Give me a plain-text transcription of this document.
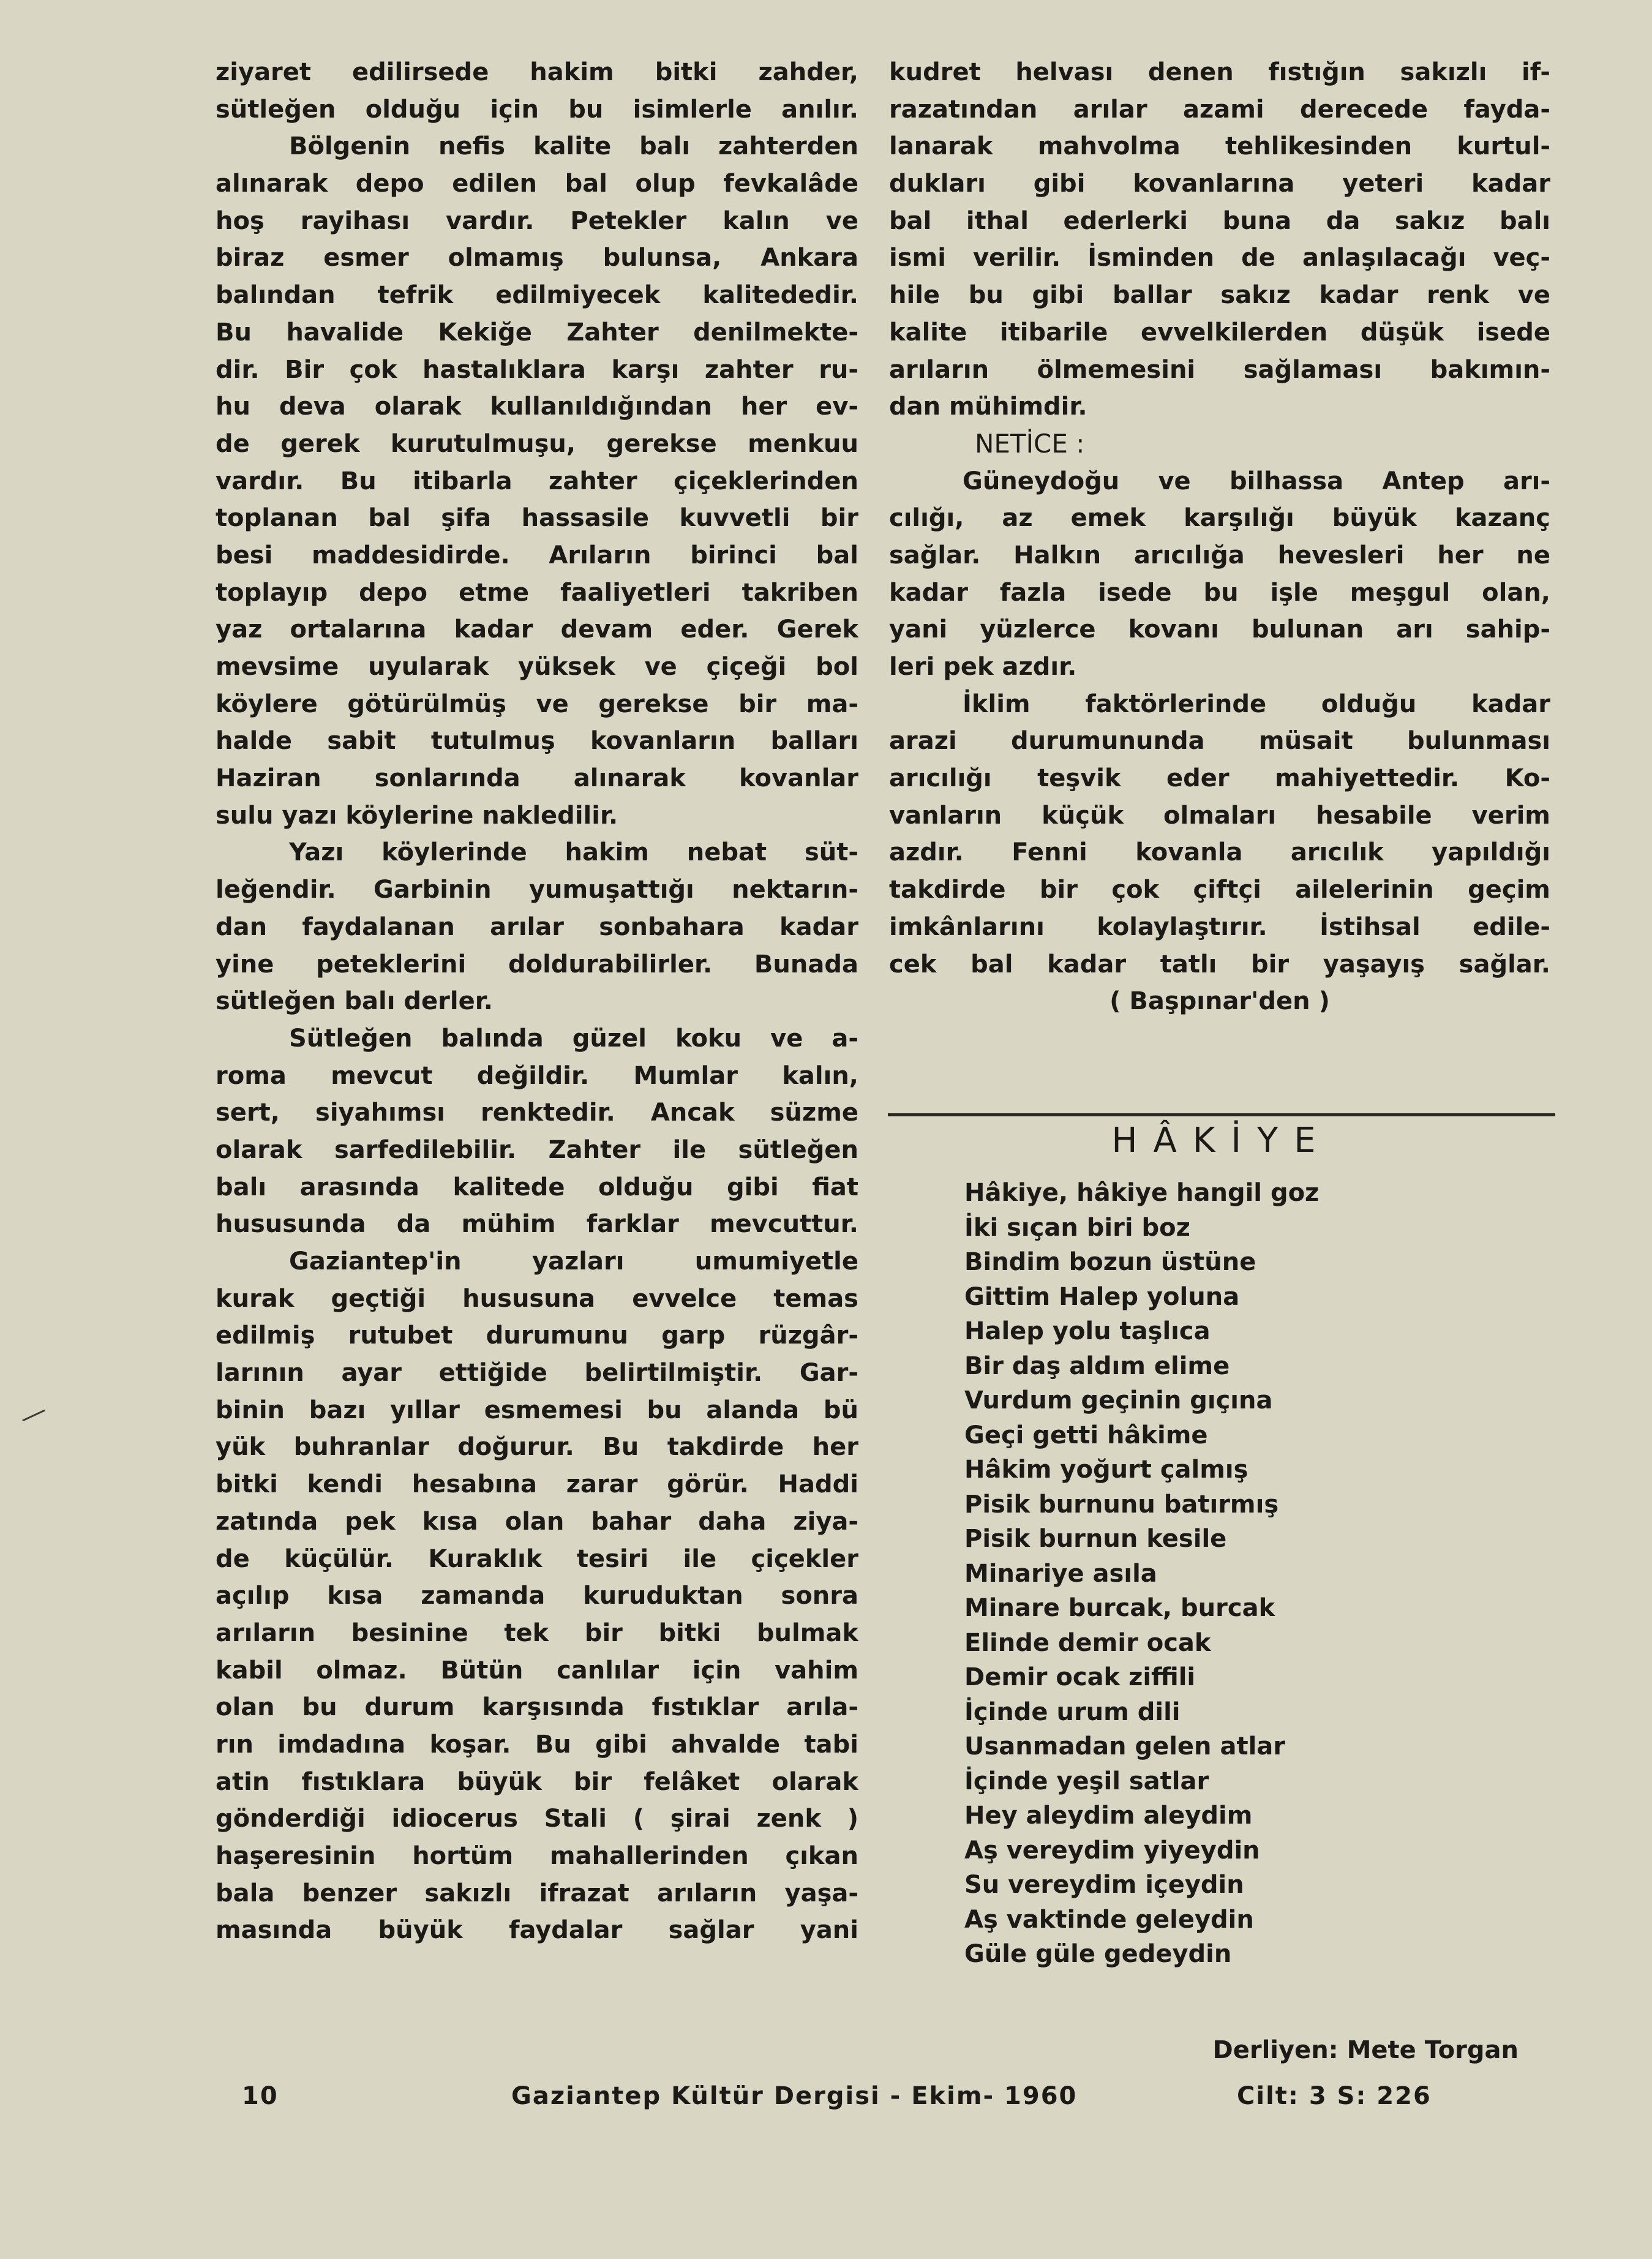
ziyaret edilirsede hakim bitki zahder,
sütleğen olduğu için bu isimlerle anılır.
Bölgenin nefis kalite balı zahterden
alınarak depo edilen bal olup fevkalâde
hoş rayihası vardır. Petekler kalın ve
biraz esmer olmamış bulunsa, Ankara
balından tefrik edilmiyecek kalitededir.
Bu havalide Kekiğe Zahter denilmekte-
dir. Bir çok hastalıklara karşı zahter ru-
hu deva olarak kullanıldığından her ev-
de gerek kurutulmuşu, gerekse menkuu
vardır. Bu itibarla zahter çiçeklerinden
toplanan bal şifa hassasile kuvvetli bir
besi maddesidirde. Arıların birinci bal
toplayıp depo etme faaliyetleri takriben
yaz ortalarına kadar devam eder. Gerek
mevsime uyularak yüksek ve çiçeği bol
köylere götürülmüş ve gerekse bir ma-
halde sabit tutulmuş kovanların balları
Haziran sonlarında alınarak kovanlar
sulu yazı köylerine nakledilir.
Yazı köylerinde hakim nebat süt-
leğendir. Garbinin yumuşattığı nektarın-
dan faydalanan arılar sonbahara kadar
yine peteklerini doldurabilirler. Bunada
sütleğen balı derler.
Sütleğen balında güzel koku ve a-
roma mevcut değildir. Mumlar kalın,
sert, siyahımsı renktedir. Ancak süzme
olarak sarfedilebilir. Zahter ile sütleğen
balı arasında kalitede olduğu gibi fiat
hususunda da mühim farklar mevcuttur.
Gaziantep'in yazları umumiyetle
kurak geçtiği hususuna evvelce temas
edilmiş rutubet durumunu garp rüzgâr-
larının ayar ettiğide belirtilmiştir. Gar-
binin bazı yıllar esmemesi bu alanda bü
yük buhranlar doğurur. Bu takdirde her
bitki kendi hesabına zarar görür. Haddi
zatında pek kısa olan bahar daha ziya-
de küçülür. Kuraklık tesiri ile çiçekler
açılıp kısa zamanda kuruduktan sonra
arıların besinine tek bir bitki bulmak
kabil olmaz. Bütün canlılar için vahim
olan bu durum karşısında fıstıklar arıla-
rın imdadına koşar. Bu gibi ahvalde tabi
atin fıstıklara büyük bir felâket olarak
gönderdiği idiocerus Stali ( şirai zenk )
haşeresinin hortüm mahallerinden çıkan
bala benzer sakızlı ifrazat arıların yaşa-
masında büyük faydalar sağlar yani
kudret helvası denen fıstığın sakızlı if-
razatından arılar azami derecede fayda-
lanarak mahvolma tehlikesinden kurtul-
dukları gibi kovanlarına yeteri kadar
bal ithal ederlerki buna da sakız balı
ismi verilir. İsminden de anlaşılacağı veç-
hile bu gibi ballar sakız kadar renk ve
kalite itibarile evvelkilerden düşük isede
arıların ölmemesini sağlaması bakımın-
dan mühimdir.
NETİCE :
Güneydoğu ve bilhassa Antep arı-
cılığı, az emek karşılığı büyük kazanç
sağlar. Halkın arıcılığa hevesleri her ne
kadar fazla isede bu işle meşgul olan,
yani yüzlerce kovanı bulunan arı sahip-
leri pek azdır.
İklim faktörlerinde olduğu kadar
arazi durumununda müsait bulunması
arıcılığı teşvik eder mahiyettedir. Ko-
vanların küçük olmaları hesabile verim
azdır. Fenni kovanla arıcılık yapıldığı
takdirde bir çok çiftçi ailelerinin geçim
imkânlarını kolaylaştırır. İstihsal edile-
cek bal kadar tatlı bir yaşayış sağlar.
( Başpınar'den )
HÂKİYE
Hâkiye, hâkiye hangil goz
İki sıçan biri boz
Bindim bozun üstüne
Gittim Halep yoluna
Halep yolu taşlıca
Bir daş aldım elime
Vurdum geçinin gıçına
Geçi getti hâkime
Hâkim yoğurt çalmış
Pisik burnunu batırmış
Pisik burnun kesile
Minariye asıla
Minare burcak, burcak
Elinde demir ocak
Demir ocak ziffili
İçinde urum dili
Usanmadan gelen atlar
İçinde yeşil satlar
Hey aleydim aleydim
Aş vereydim yiyeydin
Su vereydim içeydin
Aş vaktinde geleydin
Güle güle gedeydin
Derliyen: Mete Torgan
10	Gaziantep Kültür Dergisi - Ekim- 1960	Cilt: 3 S: 226
